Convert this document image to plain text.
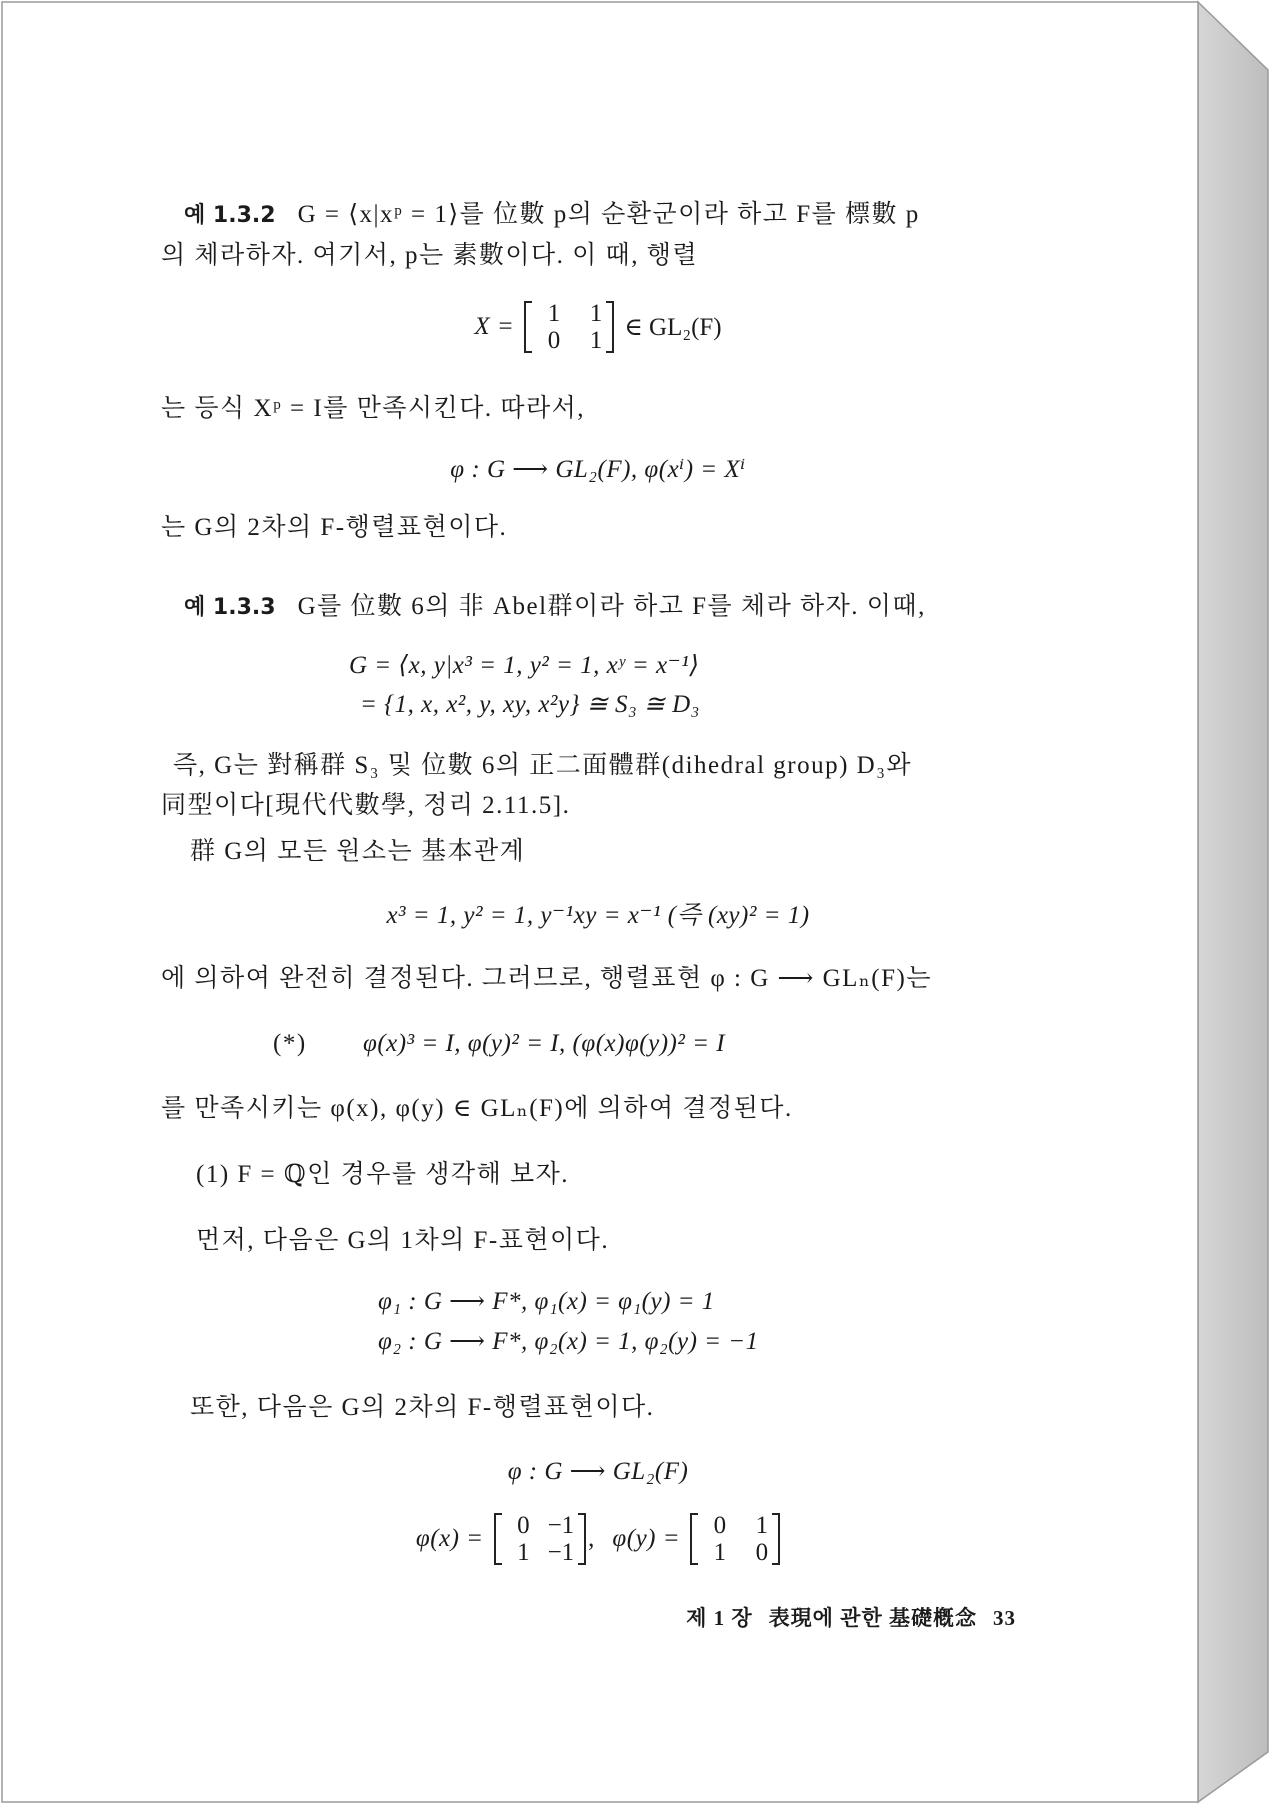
예 1.3.2 G = ⟨x|xᵖ = 1⟩를 位數 p의 순환군이라 하고 F를 標數 p
의 체라하자. 여기서, p는 素數이다. 이 때, 행렬
X =	1	1
0	1 ∈ GL₂(F)
는 등식 Xᵖ = I를 만족시킨다. 따라서,
φ : G ⟶ GL₂(F), φ(xⁱ) = Xⁱ
는 G의 2차의 F-행렬표현이다.
예 1.3.3 G를 位數 6의 非 Abel群이라 하고 F를 체라 하자. 이때,
G = ⟨x, y|x³ = 1, y² = 1, xʸ = x⁻¹⟩
= {1, x, x², y, xy, x²y} ≅ S₃ ≅ D₃
즉, G는 對稱群 S₃ 및 位數 6의 正二面體群(dihedral group) D₃와
同型이다[現代代數學, 정리 2.11.5].
群 G의 모든 원소는 基本관계
x³ = 1, y² = 1, y⁻¹xy = x⁻¹ (즉 (xy)² = 1)
에 의하여 완전히 결정된다. 그러므로, 행렬표현 φ : G ⟶ GLₙ(F)는
(*) φ(x)³ = I, φ(y)² = I, (φ(x)φ(y))² = I
를 만족시키는 φ(x), φ(y) ∈ GLₙ(F)에 의하여 결정된다.
(1) F = ℚ인 경우를 생각해 보자.
먼저, 다음은 G의 1차의 F-표현이다.
φ₁ : G ⟶ F*, φ₁(x) = φ₁(y) = 1
φ₂ : G ⟶ F*, φ₂(x) = 1, φ₂(y) = −1
또한, 다음은 G의 2차의 F-행렬표현이다.
φ : G ⟶ GL₂(F)
φ(x) =	0 −1
1 −1
, φ(y) =	0	1
1	0
제 1 장 表現에 관한 基礎槪念 33
